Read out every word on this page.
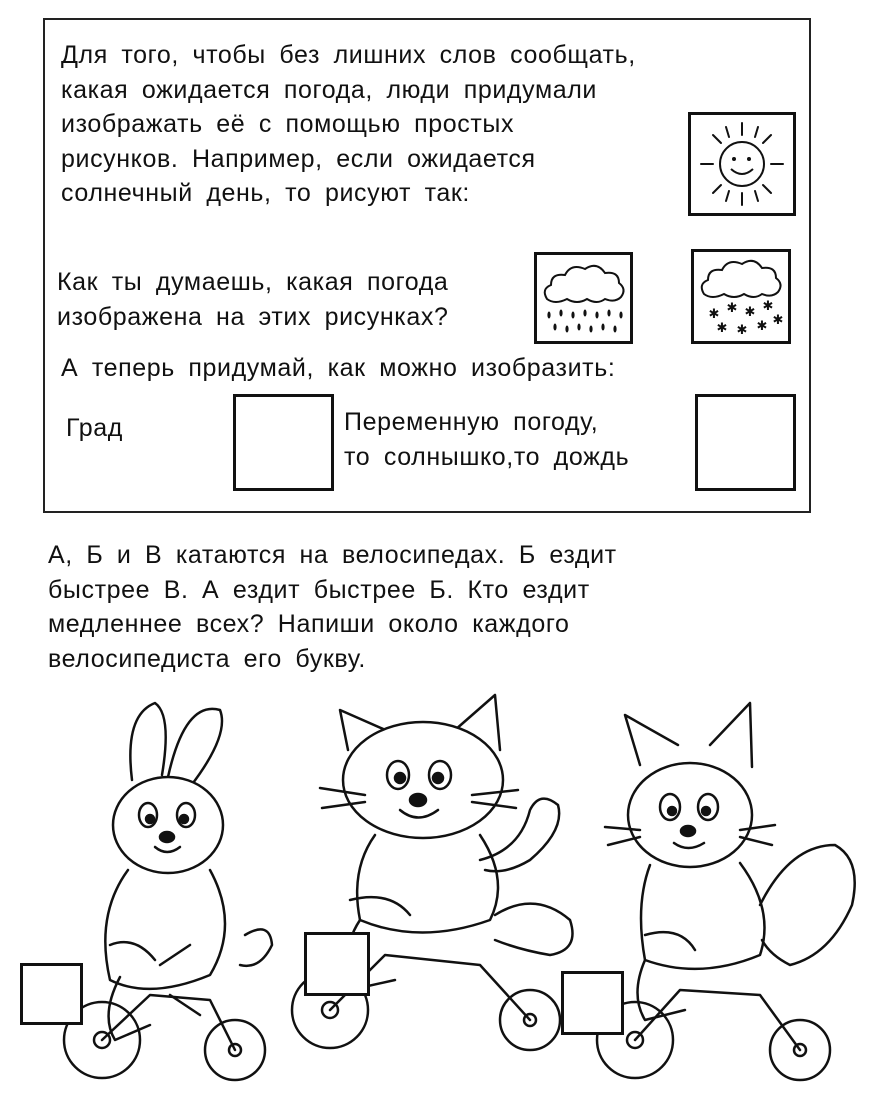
Для того, чтобы без лишних слов сообщать,
какая ожидается погода, люди придумали
изображать её с помощью простых
рисунков. Например, если ожидается
солнечный день, то рисуют так:
Как ты думаешь, какая погода
изображена на этих рисунках?	✱ ✱ ✱ ✱
✱ ✱ ✱ ✱
А теперь придумай, как можно изобразить:
Град	Переменную погоду,
то солнышко,то дождь
А, Б и В катаются на велосипедах. Б ездит
быстрее В. А ездит быстрее Б. Кто ездит
медленнее всех? Напиши около каждого
велосипедиста его букву.
